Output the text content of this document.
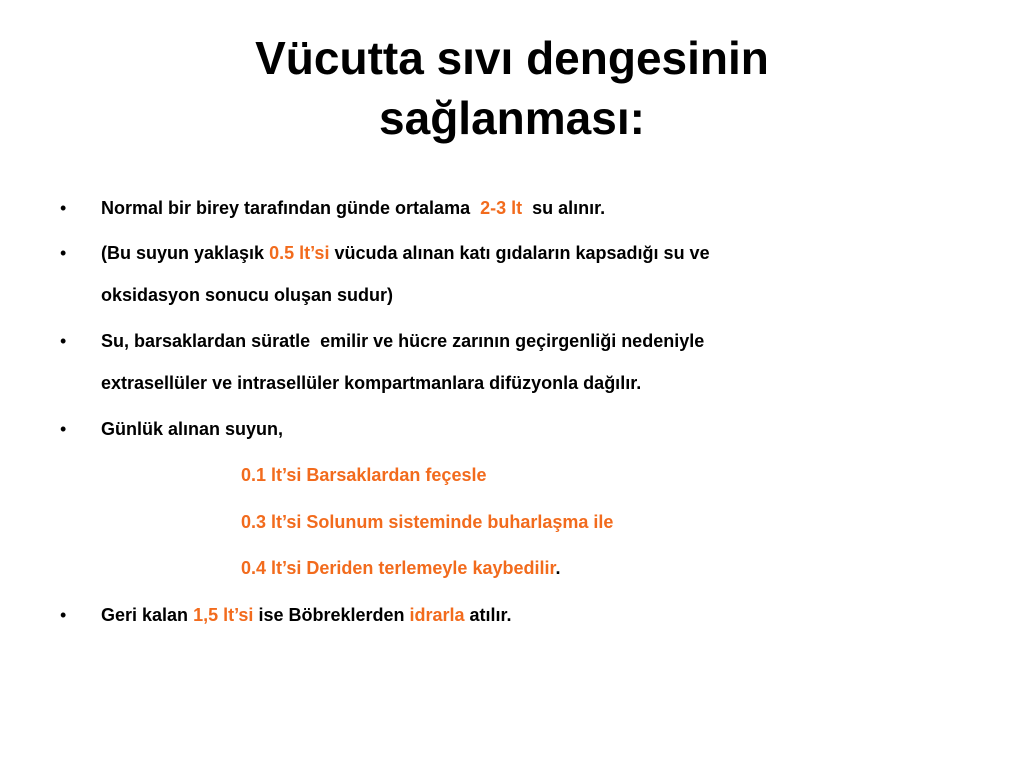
Vücutta sıvı dengesinin
sağlanması:
• Normal bir birey tarafından günde ortalama  2-3 lt  su alınır.
• (Bu suyun yaklaşık 0.5 lt’si vücuda alınan katı gıdaların kapsadığı su ve
oksidasyon sonucu oluşan sudur)
• Su, barsaklardan süratle  emilir ve hücre zarının geçirgenliği nedeniyle
extrasellüler ve intrasellüler kompartmanlara difüzyonla dağılır.
• Günlük alınan suyun,
0.1 lt’si Barsaklardan feçesle
0.3 lt’si Solunum sisteminde buharlaşma ile
0.4 lt’si Deriden terlemeyle kaybedilir.
• Geri kalan 1,5 lt’si ise Böbreklerden idrarla atılır.
